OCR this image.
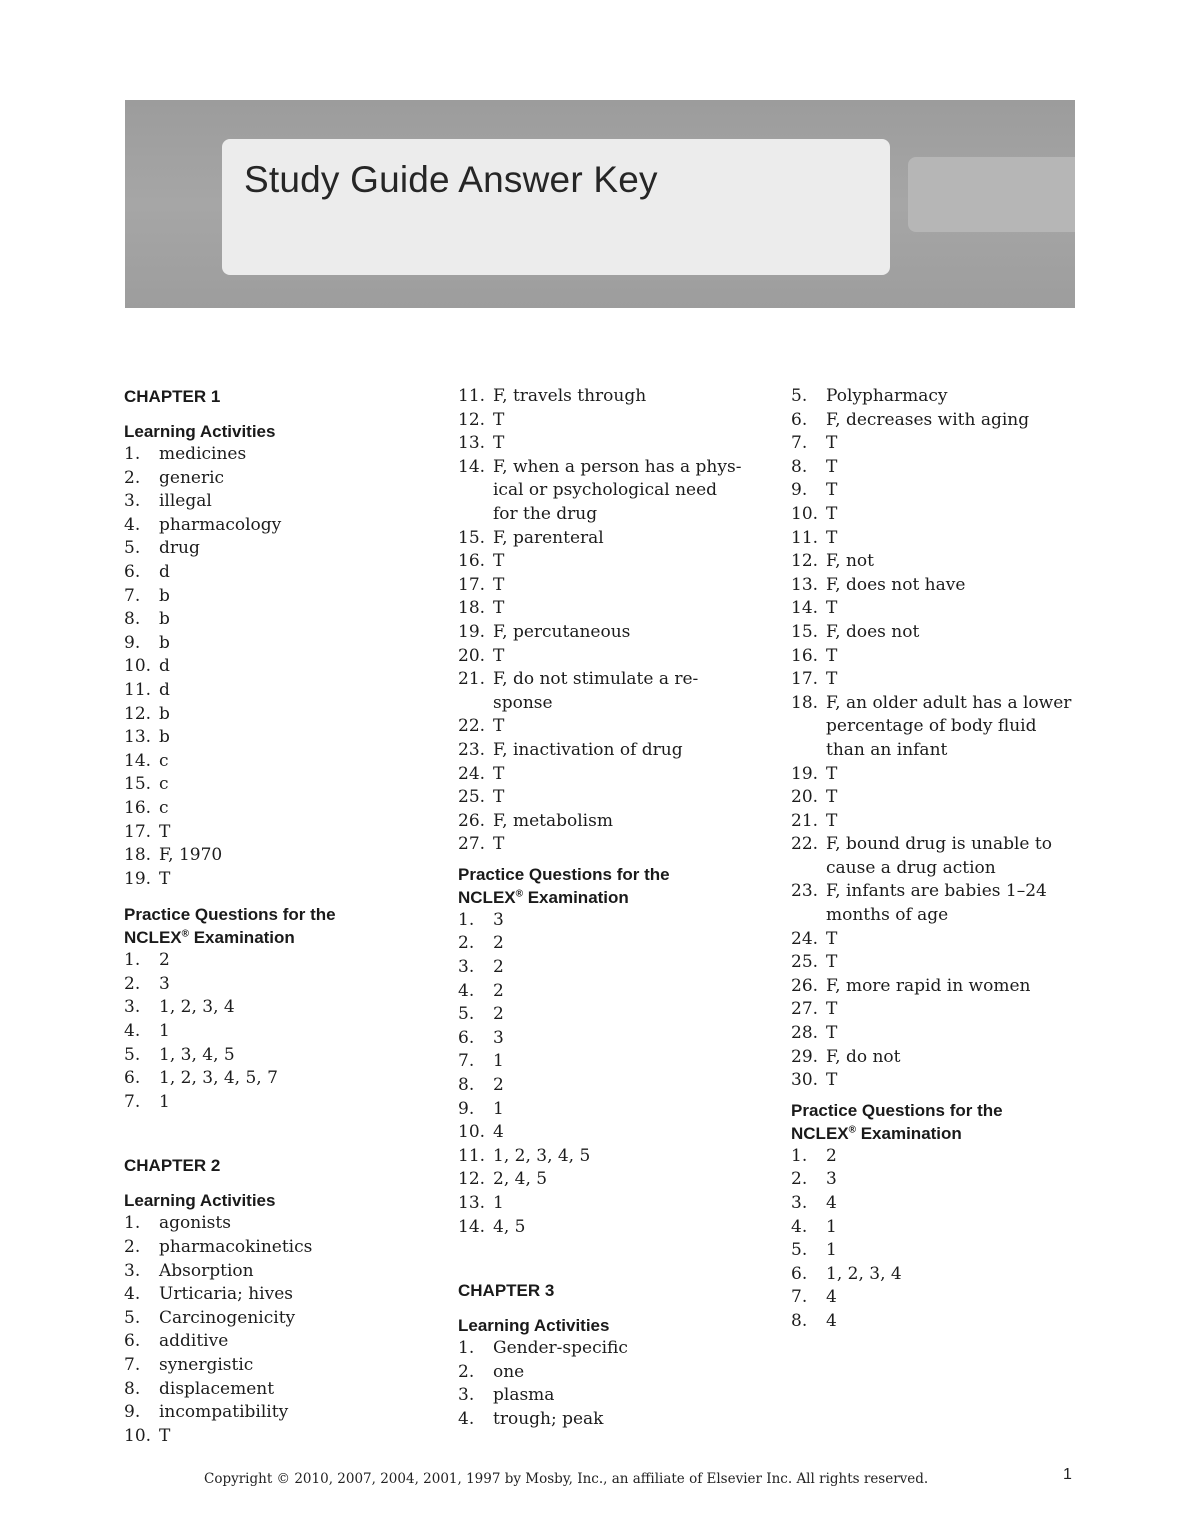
Study Guide Answer Key
CHAPTER 1
Learning Activities
1.	medicines
2.	generic
3.	illegal
4.	pharmacology
5.	drug
6.	d
7.	b
8.	b
9.	b
10. d
11. d
12. b
13. b
14. c
15. c
16. c
17. T
18. F, 1970
19. T
Practice Questions for the
NCLEX® Examination
1.	2
2.	3
3.	1, 2, 3, 4
4.	1
5.	1, 3, 4, 5
6.	1, 2, 3, 4, 5, 7
7.	1
CHAPTER 2
Learning Activities
1.	agonists
2.	pharmacokinetics
3.	Absorption
4.	Urticaria; hives
5.	Carcinogenicity
6.	additive
7.	synergistic
8.	displacement
9.	incompatibility
10. T
11. F, travels through
12. T
13. T
14. F, when a person has a phys-
ical or psychological need
for the drug
15. F, parenteral
16. T
17. T
18. T
19. F, percutaneous
20. T
21. F, do not stimulate a re-
sponse
22. T
23. F, inactivation of drug
24. T
25. T
26. F, metabolism
27. T
Practice Questions for the
NCLEX® Examination
1.	3
2.	2
3.	2
4.	2
5.	2
6.	3
7.	1
8.	2
9.	1
10. 4
11. 1, 2, 3, 4, 5
12. 2, 4, 5
13. 1
14. 4, 5
CHAPTER 3
Learning Activities
1.	Gender-specific
2.	one
3.	plasma
4.	trough; peak
5.	Polypharmacy
6.	F, decreases with aging
7.	T
8.	T
9.	T
10. T
11. T
12. F, not
13. F, does not have
14. T
15. F, does not
16. T
17. T
18. F, an older adult has a lower
percentage of body fluid
than an infant
19. T
20. T
21. T
22. F, bound drug is unable to
cause a drug action
23. F, infants are babies 1–24
months of age
24. T
25. T
26. F, more rapid in women
27. T
28. T
29. F, do not
30. T
Practice Questions for the
NCLEX® Examination
1.	2
2.	3
3.	4
4.	1
5.	1
6.	1, 2, 3, 4
7.	4
8.	4
Copyright © 2010, 2007, 2004, 2001, 1997 by Mosby, Inc., an affiliate of Elsevier Inc. All rights reserved.	1
